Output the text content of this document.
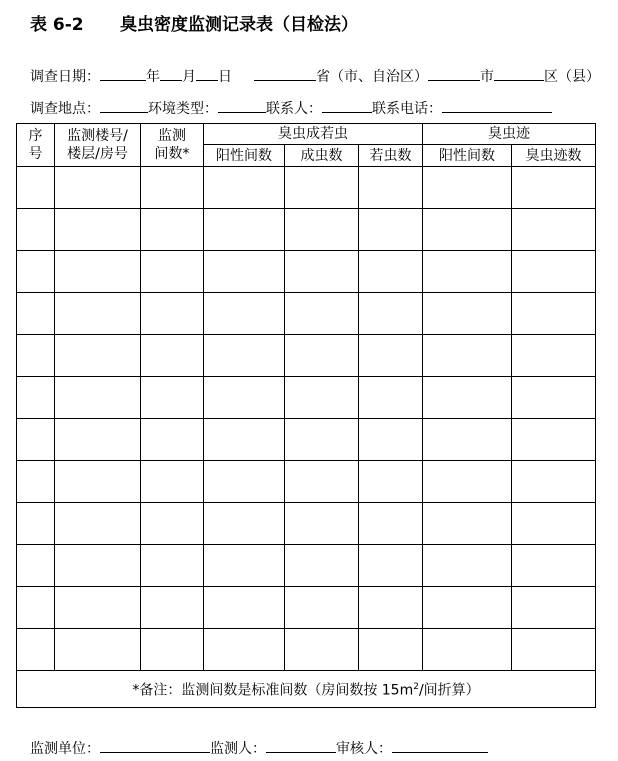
表 6-2 臭虫密度监测记录表（目检法）
调查日期：	年 月 日	省（市、自治区）	市	区（县）
调查地点：	环境类型：	联系人：	联系电话：
序号	监测楼号/楼层/房号	监测间数*	臭虫成若虫			臭虫迹	
			阳性间数	成虫数	若虫数	阳性间数	臭虫迹数

*备注：监测间数是标准间数（房间数按 $15m^2/$间折算）							
监测单位：	监测人：	审核人：
